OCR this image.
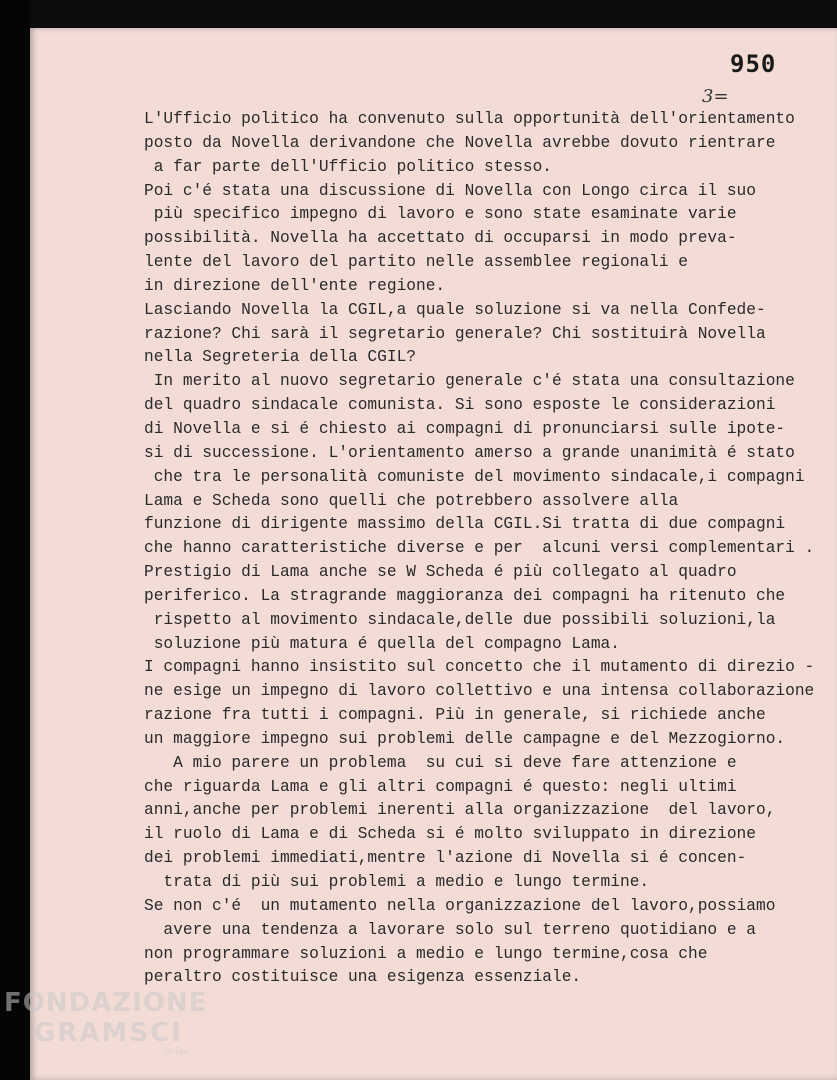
950
3=
L'Ufficio politico ha convenuto sulla opportunità dell'orientamento
posto da Novella derivandone che Novella avrebbe dovuto rientrare
a far parte dell'Ufficio politico stesso.
Poi c'é stata una discussione di Novella con Longo circa il suo
più specifico impegno di lavoro e sono state esaminate varie
possibilità. Novella ha accettato di occuparsi in modo preva-
lente del lavoro del partito nelle assemblee regionali e
in direzione dell'ente regione.
Lasciando Novella la CGIL,a quale soluzione si va nella Confede-
razione? Chi sarà il segretario generale? Chi sostituirà Novella
nella Segreteria della CGIL?
In merito al nuovo segretario generale c'é stata una consultazione
del quadro sindacale comunista. Si sono esposte le considerazioni
di Novella e si é chiesto ai compagni di pronunciarsi sulle ipote-
si di successione. L'orientamento amerso a grande unanimità é stato
che tra le personalità comuniste del movimento sindacale,i compagni
Lama e Scheda sono quelli che potrebbero assolvere alla
funzione di dirigente massimo della CGIL.Si tratta di due compagni
che hanno caratteristiche diverse e per  alcuni versi complementari .
Prestigio di Lama anche se W Scheda é più collegato al quadro
periferico. La stragrande maggioranza dei compagni ha ritenuto che
rispetto al movimento sindacale,delle due possibili soluzioni,la
soluzione più matura é quella del compagno Lama.
I compagni hanno insistito sul concetto che il mutamento di direzio -
ne esige un impegno di lavoro collettivo e una intensa collaborazione
razione fra tutti i compagni. Più in generale, si richiede anche
un maggiore impegno sui problemi delle campagne e del Mezzogiorno.
A mio parere un problema  su cui si deve fare attenzione e
che riguarda Lama e gli altri compagni é questo: negli ultimi
anni,anche per problemi inerenti alla organizzazione  del lavoro,
il ruolo di Lama e di Scheda si é molto sviluppato in direzione
dei problemi immediati,mentre l'azione di Novella si é concen-
trata di più sui problemi a medio e lungo termine.
Se non c'é  un mutamento nella organizzazione del lavoro,possiamo
avere una tendenza a lavorare solo sul terreno quotidiano e a
non programmare soluzioni a medio e lungo termine,cosa che
peraltro costituisce una esigenza essenziale.
FONDAZIONE
GRAMSCI
onlus
